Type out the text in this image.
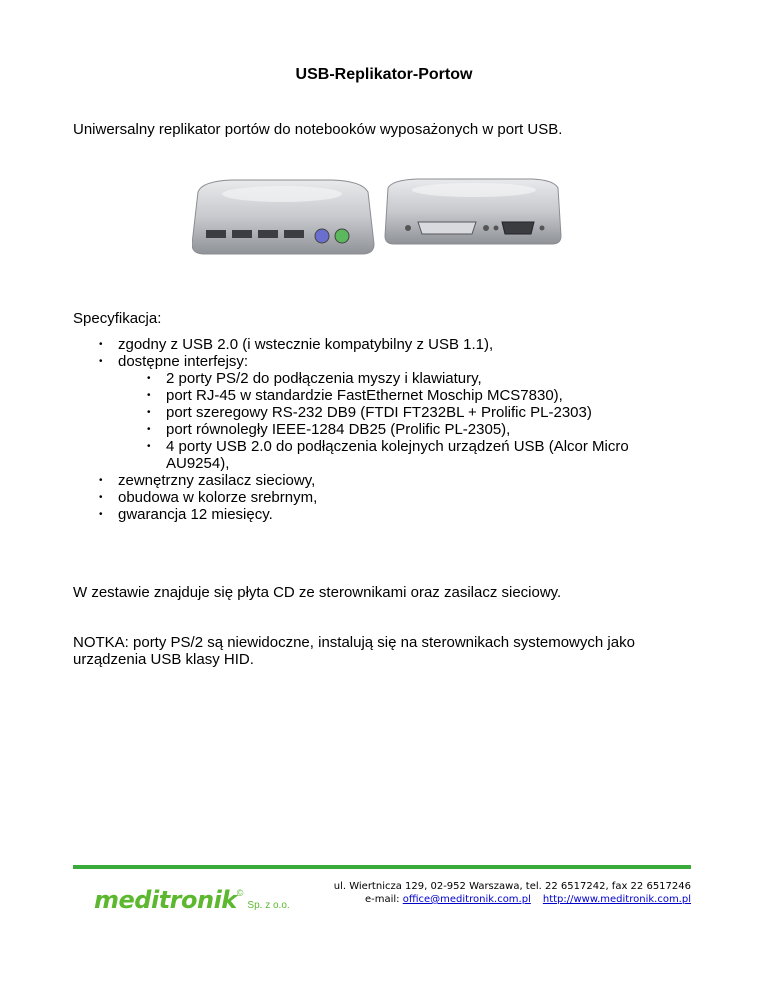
USB-Replikator-Portow
Uniwersalny replikator portów do notebooków wyposażonych w port USB.
Specyfikacja:
• zgodny z USB 2.0 (i wstecznie kompatybilny z USB 1.1),
• dostępne interfejsy:
• 2 porty PS/2 do podłączenia myszy i klawiatury,
• port RJ-45 w standardzie FastEthernet Moschip MCS7830),
• port szeregowy RS-232 DB9 (FTDI FT232BL + Prolific PL-2303)
• port równoległy IEEE-1284 DB25 (Prolific PL-2305),
• 4 porty USB 2.0 do podłączenia kolejnych urządzeń USB (Alcor Micro AU9254),
• zewnętrzny zasilacz sieciowy,
• obudowa w kolorze srebrnym,
• gwarancja 12 miesięcy.
W zestawie znajduje się płyta CD ze sterownikami oraz zasilacz sieciowy.
NOTKA: porty PS/2 są niewidoczne, instalują się na sterownikach systemowych jako urządzenia USB klasy HID.
meditronik©Sp. z o.o.
ul. Wiertnicza 129, 02-952 Warszawa, tel. 22 6517242, fax 22 6517246
e-mail: office@meditronik.com.pl http://www.meditronik.com.pl
